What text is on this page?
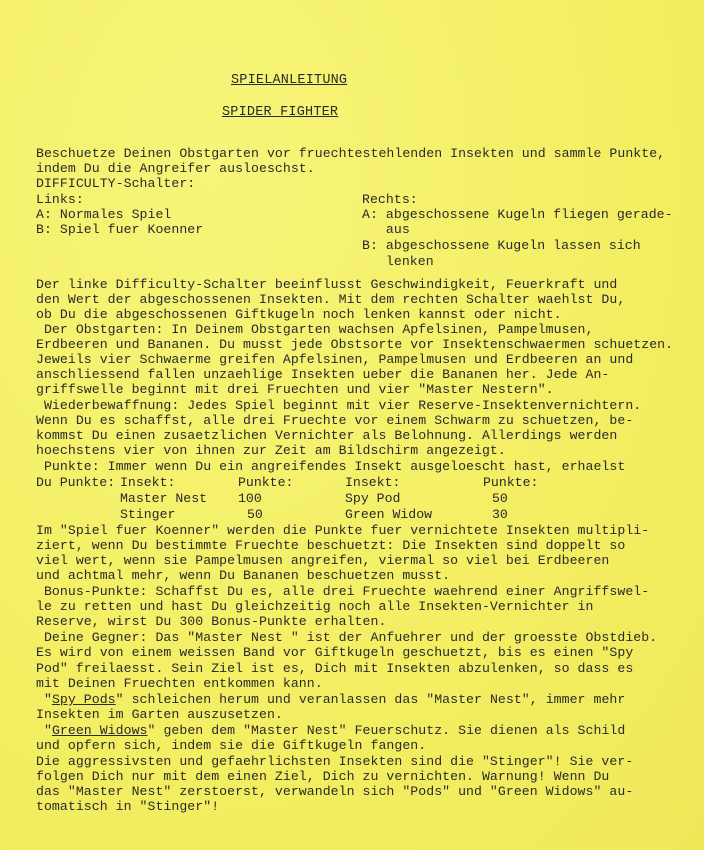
SPIELANLEITUNG
SPIDER FIGHTER
Beschuetze Deinen Obstgarten vor fruechtestehlenden Insekten und sammle Punkte,
indem Du die Angreifer ausloeschst.
DIFFICULTY-Schalter:
Links:
A: Normales Spiel
B: Spiel fuer Koenner
Rechts:
A: abgeschossene Kugeln fliegen gerade-
aus
B: abgeschossene Kugeln lassen sich
lenken
Der linke Difficulty-Schalter beeinflusst Geschwindigkeit, Feuerkraft und
den Wert der abgeschossenen Insekten. Mit dem rechten Schalter waehlst Du,
ob Du die abgeschossenen Giftkugeln noch lenken kannst oder nicht.
Der Obstgarten: In Deinem Obstgarten wachsen Apfelsinen, Pampelmusen,
Erdbeeren und Bananen. Du musst jede Obstsorte vor Insektenschwaermen schuetzen.
Jeweils vier Schwaerme greifen Apfelsinen, Pampelmusen und Erdbeeren an und
anschliessend fallen unzaehlige Insekten ueber die Bananen her. Jede An-
griffswelle beginnt mit drei Fruechten und vier "Master Nestern".
Wiederbewaffnung: Jedes Spiel beginnt mit vier Reserve-Insektenvernichtern.
Wenn Du es schaffst, alle drei Fruechte vor einem Schwarm zu schuetzen, be-
kommst Du einen zusaetzlichen Vernichter als Belohnung. Allerdings werden
hoechstens vier von ihnen zur Zeit am Bildschirm angezeigt.
Punkte: Immer wenn Du ein angreifendes Insekt ausgeloescht hast, erhaelst
Du Punkte:	Insekt:	Punkte:	Insekt:	Punkte:
	Master Nest	100	Spy Pod	50
	Stinger	50	Green Widow	30
Im "Spiel fuer Koenner" werden die Punkte fuer vernichtete Insekten multipli-
ziert, wenn Du bestimmte Fruechte beschuetzt: Die Insekten sind doppelt so
viel wert, wenn sie Pampelmusen angreifen, viermal so viel bei Erdbeeren
und achtmal mehr, wenn Du Bananen beschuetzen musst.
Bonus-Punkte: Schaffst Du es, alle drei Fruechte waehrend einer Angriffswel-
le zu retten und hast Du gleichzeitig noch alle Insekten-Vernichter in
Reserve, wirst Du 300 Bonus-Punkte erhalten.
Deine Gegner: Das "Master Nest " ist der Anfuehrer und der groesste Obstdieb.
Es wird von einem weissen Band vor Giftkugeln geschuetzt, bis es einen "Spy
Pod" freilaesst. Sein Ziel ist es, Dich mit Insekten abzulenken, so dass es
mit Deinen Fruechten entkommen kann.
"Spy Pods" schleichen herum und veranlassen das "Master Nest", immer mehr
Insekten im Garten auszusetzen.
"Green Widows" geben dem "Master Nest" Feuerschutz. Sie dienen als Schild
und opfern sich, indem sie die Giftkugeln fangen.
Die aggressivsten und gefaehrlichsten Insekten sind die "Stinger"! Sie ver-
folgen Dich nur mit dem einen Ziel, Dich zu vernichten. Warnung! Wenn Du
das "Master Nest" zerstoerst, verwandeln sich "Pods" und "Green Widows" au-
tomatisch in "Stinger"!
